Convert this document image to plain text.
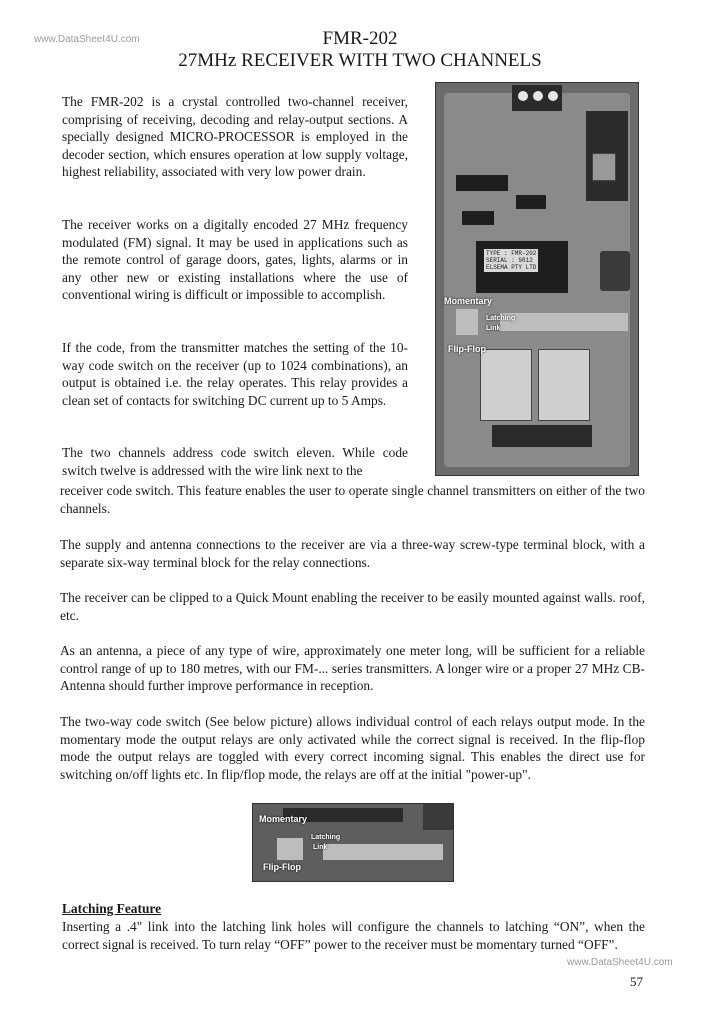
www.DataSheet4U.com	FMR-202
27MHz RECEIVER WITH TWO CHANNELS
The FMR-202 is a crystal controlled two-channel receiver, comprising of receiving, decoding and relay-output sections. A specially designed MICRO-PROCESSOR is employed in the decoder section, which ensures operation at low supply voltage, highest reliability, associated with very low power drain.
The receiver works on a digitally encoded 27 MHz frequency modulated (FM) signal. It may be used in applications such as the remote control of garage doors, gates, lights, alarms or in any other new or existing installations where the use of conventional wiring is difficult or impossible to accomplish.
If the code, from the transmitter matches the setting of the 10-way code switch on the receiver (up to 1024 combinations), an output is obtained i.e. the relay operates. This relay provides a clean set of contacts for switching DC current up to 5 Amps.
The two channels address code switch eleven. While code switch twelve is addressed with the wire link next to the
receiver code switch. This feature enables the user to operate single channel transmitters on either of the two channels.
The supply and antenna connections to the receiver are via a three-way screw-type terminal block, with a separate six-way terminal block for the relay connections.
The receiver can be clipped to a Quick Mount enabling the receiver to be easily mounted against walls. roof, etc.
As an antenna, a piece of any type of wire, approximately one meter long, will be sufficient for a reliable control range of up to 180 metres, with our FM-... series transmitters. A longer wire or a proper 27 MHz CB-Antenna should further improve performance in reception.
The two-way code switch (See below picture) allows individual control of each relays output mode. In the momentary mode the output relays are only activated while the correct signal is received. In the flip-flop mode the output relays are toggled with every correct incoming signal. This enables the direct use for switching on/off lights etc. In flip/flop mode, the relays are off at the initial "power-up".
TYPE : FMR-202
SERIAL : 9812
ELSEMA PTY LTD
Momentary
Latching
Link
Flip-Flop
Momentary
Latching
Link
Flip-Flop
Latching Feature
Inserting a .4" link into the latching link holes will configure the channels to latching “ON”, when the correct signal is received. To turn relay “OFF” power to the receiver must be momentary turned “OFF”.
www.DataSheet4U.com
57
